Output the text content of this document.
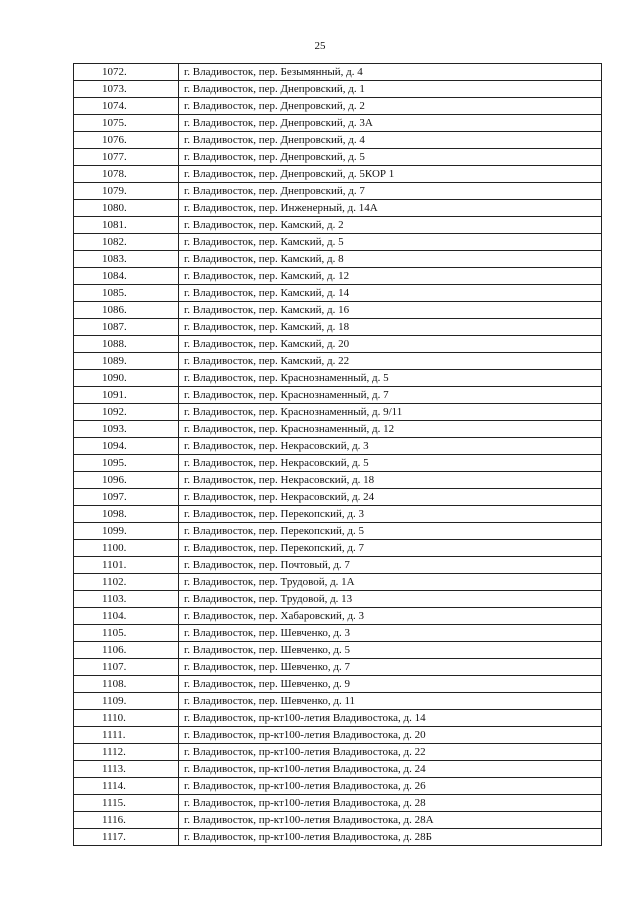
25
1072.	г. Владивосток, пер. Безымянный, д. 4
1073.	г. Владивосток, пер. Днепровский, д. 1
1074.	г. Владивосток, пер. Днепровский, д. 2
1075.	г. Владивосток, пер. Днепровский, д. 3А
1076.	г. Владивосток, пер. Днепровский, д. 4
1077.	г. Владивосток, пер. Днепровский, д. 5
1078.	г. Владивосток, пер. Днепровский, д. 5КОР 1
1079.	г. Владивосток, пер. Днепровский, д. 7
1080.	г. Владивосток, пер. Инженерный, д. 14А
1081.	г. Владивосток, пер. Камский, д. 2
1082.	г. Владивосток, пер. Камский, д. 5
1083.	г. Владивосток, пер. Камский, д. 8
1084.	г. Владивосток, пер. Камский, д. 12
1085.	г. Владивосток, пер. Камский, д. 14
1086.	г. Владивосток, пер. Камский, д. 16
1087.	г. Владивосток, пер. Камский, д. 18
1088.	г. Владивосток, пер. Камский, д. 20
1089.	г. Владивосток, пер. Камский, д. 22
1090.	г. Владивосток, пер. Краснознаменный, д. 5
1091.	г. Владивосток, пер. Краснознаменный, д. 7
1092.	г. Владивосток, пер. Краснознаменный, д. 9/11
1093.	г. Владивосток, пер. Краснознаменный, д. 12
1094.	г. Владивосток, пер. Некрасовский, д. 3
1095.	г. Владивосток, пер. Некрасовский, д. 5
1096.	г. Владивосток, пер. Некрасовский, д. 18
1097.	г. Владивосток, пер. Некрасовский, д. 24
1098.	г. Владивосток, пер. Перекопский, д. 3
1099.	г. Владивосток, пер. Перекопский, д. 5
1100.	г. Владивосток, пер. Перекопский, д. 7
1101.	г. Владивосток, пер. Почтовый, д. 7
1102.	г. Владивосток, пер. Трудовой, д. 1А
1103.	г. Владивосток, пер. Трудовой, д. 13
1104.	г. Владивосток, пер. Хабаровский, д. 3
1105.	г. Владивосток, пер. Шевченко, д. 3
1106.	г. Владивосток, пер. Шевченко, д. 5
1107.	г. Владивосток, пер. Шевченко, д. 7
1108.	г. Владивосток, пер. Шевченко, д. 9
1109.	г. Владивосток, пер. Шевченко, д. 11
1110.	г. Владивосток, пр-кт100-летия Владивостока, д. 14
1111.	г. Владивосток, пр-кт100-летия Владивостока, д. 20
1112.	г. Владивосток, пр-кт100-летия Владивостока, д. 22
1113.	г. Владивосток, пр-кт100-летия Владивостока, д. 24
1114.	г. Владивосток, пр-кт100-летия Владивостока, д. 26
1115.	г. Владивосток, пр-кт100-летия Владивостока, д. 28
1116.	г. Владивосток, пр-кт100-летия Владивостока, д. 28А
1117.	г. Владивосток, пр-кт100-летия Владивостока, д. 28Б
